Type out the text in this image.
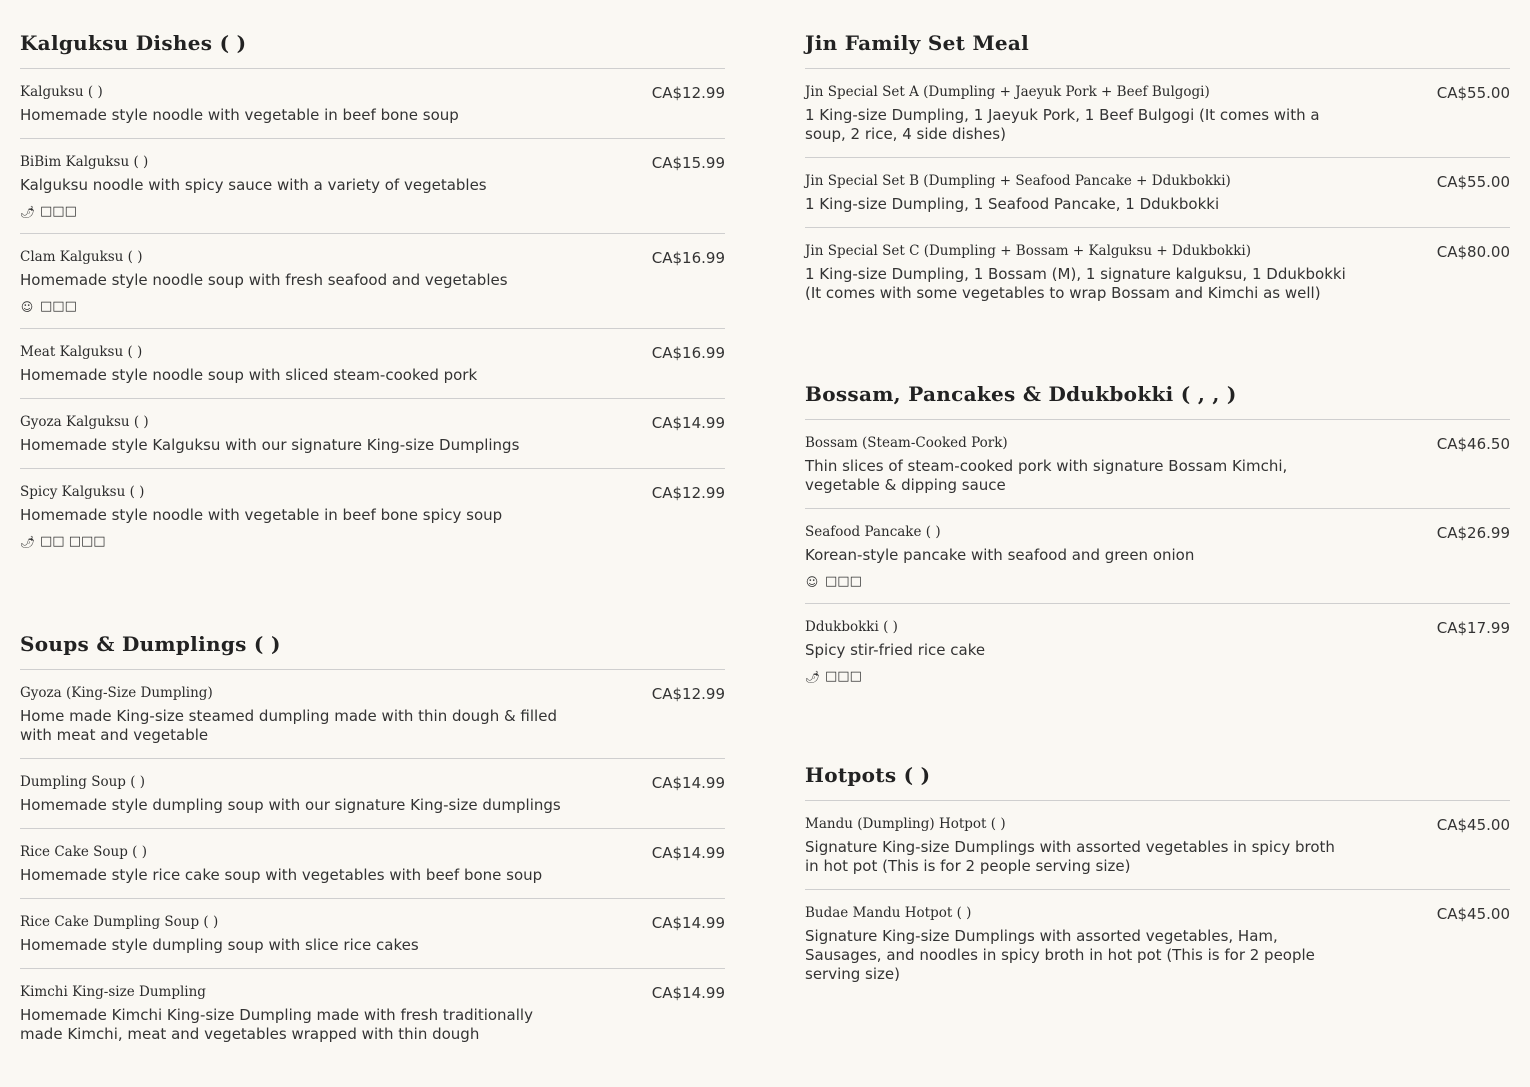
Kalguksu Dishes ( )
Kalguksu ( )	CA$12.99
Homemade style noodle with vegetable in beef bone soup
BiBim Kalguksu ( )	CA$15.99
Kalguksu noodle with spicy sauce with a variety of vegetables
🌶 □□□
Clam Kalguksu ( )	CA$16.99
Homemade style noodle soup with fresh seafood and vegetables
☺ □□□
Meat Kalguksu ( )	CA$16.99
Homemade style noodle soup with sliced steam-cooked pork
Gyoza Kalguksu ( )	CA$14.99
Homemade style Kalguksu with our signature King-size Dumplings
Spicy Kalguksu ( )	CA$12.99
Homemade style noodle with vegetable in beef bone spicy soup
🌶 □□ □□□
Soups & Dumplings ( )
Gyoza (King-Size Dumpling)	CA$12.99
Home made King-size steamed dumpling made with thin dough & filled with meat and vegetable
Dumpling Soup ( )	CA$14.99
Homemade style dumpling soup with our signature King-size dumplings
Rice Cake Soup ( )	CA$14.99
Homemade style rice cake soup with vegetables with beef bone soup
Rice Cake Dumpling Soup ( )	CA$14.99
Homemade style dumpling soup with slice rice cakes
Kimchi King-size Dumpling	CA$14.99
Homemade Kimchi King-size Dumpling made with fresh traditionally made Kimchi, meat and vegetables wrapped with thin dough
Jin Family Set Meal
Jin Special Set A (Dumpling + Jaeyuk Pork + Beef Bulgogi)	CA$55.00
1 King-size Dumpling, 1 Jaeyuk Pork, 1 Beef Bulgogi (It comes with a soup, 2 rice, 4 side dishes)
Jin Special Set B (Dumpling + Seafood Pancake + Ddukbokki)	CA$55.00
1 King-size Dumpling, 1 Seafood Pancake, 1 Ddukbokki
Jin Special Set C (Dumpling + Bossam + Kalguksu + Ddukbokki)	CA$80.00
1 King-size Dumpling, 1 Bossam (M), 1 signature kalguksu, 1 Ddukbokki (It comes with some vegetables to wrap Bossam and Kimchi as well)
Bossam, Pancakes & Ddukbokki ( , , )
Bossam (Steam-Cooked Pork)	CA$46.50
Thin slices of steam-cooked pork with signature Bossam Kimchi, vegetable & dipping sauce
Seafood Pancake ( )	CA$26.99
Korean-style pancake with seafood and green onion
☺ □□□
Ddukbokki ( )	CA$17.99
Spicy stir-fried rice cake
🌶 □□□
Hotpots ( )
Mandu (Dumpling) Hotpot ( )	CA$45.00
Signature King-size Dumplings with assorted vegetables in spicy broth in hot pot (This is for 2 people serving size)
Budae Mandu Hotpot ( )	CA$45.00
Signature King-size Dumplings with assorted vegetables, Ham, Sausages, and noodles in spicy broth in hot pot (This is for 2 people serving size)
